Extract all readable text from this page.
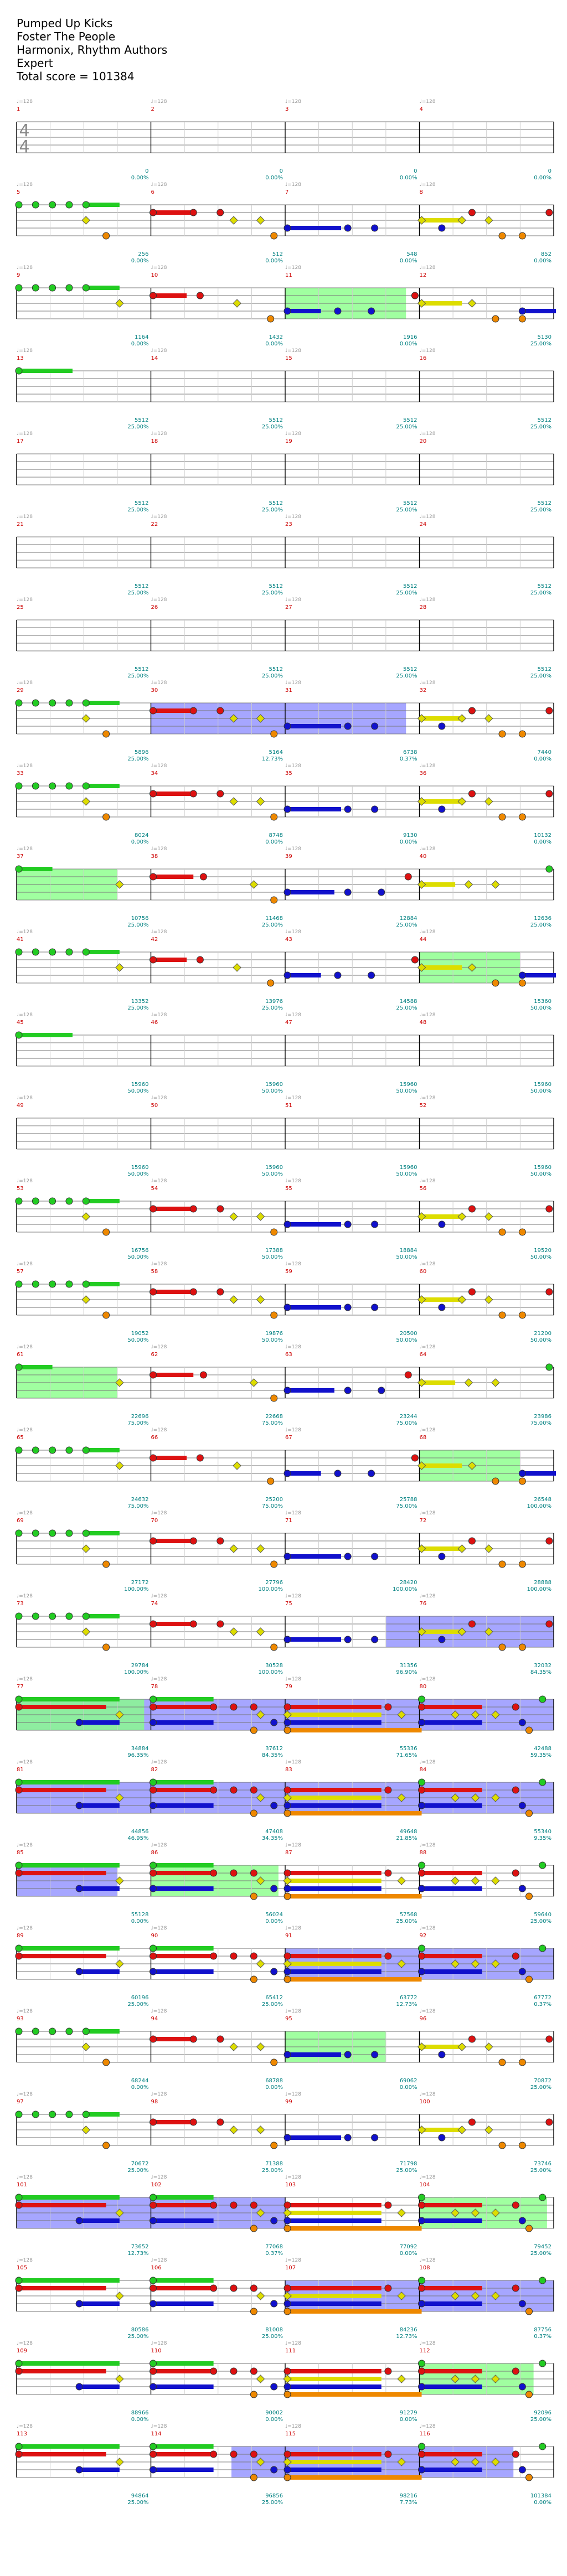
Pumped Up Kicks
Foster The People
Harmonix, Rhythm Authors
Expert
Total score = 101384
4
4
1
♩=128
0
0.00%
2
♩=128
0
0.00%
3
♩=128
0
0.00%
4
♩=128
0
0.00%
5
♩=128
256
0.00%
6
♩=128
512
0.00%
7
♩=128
548
0.00%
8
♩=128
852
0.00%
9
♩=128
1164
0.00%
10
♩=128
1432
0.00%
11
♩=128
1916
0.00%
12
♩=128
5130
25.00%
13
♩=128
5512
25.00%
14
♩=128
5512
25.00%
15
♩=128
5512
25.00%
16
♩=128
5512
25.00%
17
♩=128
5512
25.00%
18
♩=128
5512
25.00%
19
♩=128
5512
25.00%
20
♩=128
5512
25.00%
21
♩=128
5512
25.00%
22
♩=128
5512
25.00%
23
♩=128
5512
25.00%
24
♩=128
5512
25.00%
25
♩=128
5512
25.00%
26
♩=128
5512
25.00%
27
♩=128
5512
25.00%
28
♩=128
5512
25.00%
29
♩=128
5896
25.00%
30
♩=128
5164
12.73%
31
♩=128
6738
0.37%
32
♩=128
7440
0.00%
33
♩=128
8024
0.00%
34
♩=128
8748
0.00%
35
♩=128
9130
0.00%
36
♩=128
10132
0.00%
37
♩=128
10756
25.00%
38
♩=128
11468
25.00%
39
♩=128
12884
25.00%
40
♩=128
12636
25.00%
41
♩=128
13352
25.00%
42
♩=128
13976
25.00%
43
♩=128
14588
25.00%
44
♩=128
15360
50.00%
45
♩=128
15960
50.00%
46
♩=128
15960
50.00%
47
♩=128
15960
50.00%
48
♩=128
15960
50.00%
49
♩=128
15960
50.00%
50
♩=128
15960
50.00%
51
♩=128
15960
50.00%
52
♩=128
15960
50.00%
53
♩=128
16756
50.00%
54
♩=128
17388
50.00%
55
♩=128
18884
50.00%
56
♩=128
19520
50.00%
57
♩=128
19052
50.00%
58
♩=128
19876
50.00%
59
♩=128
20500
50.00%
60
♩=128
21200
50.00%
61
♩=128
22696
75.00%
62
♩=128
22668
75.00%
63
♩=128
23244
75.00%
64
♩=128
23986
75.00%
65
♩=128
24632
75.00%
66
♩=128
25200
75.00%
67
♩=128
25788
75.00%
68
♩=128
26548
100.00%
69
♩=128
27172
100.00%
70
♩=128
27796
100.00%
71
♩=128
28420
100.00%
72
♩=128
28888
100.00%
73
♩=128
29784
100.00%
74
♩=128
30528
100.00%
75
♩=128
31356
96.90%
76
♩=128
32032
84.35%
77
♩=128
34884
96.35%
78
♩=128
37612
84.35%
79
♩=128
55336
71.65%
80
♩=128
42488
59.35%
81
♩=128
44856
46.95%
82
♩=128
47408
34.35%
83
♩=128
49648
21.85%
84
♩=128
55340
9.35%
85
♩=128
55128
0.00%
86
♩=128
56024
0.00%
87
♩=128
57568
25.00%
88
♩=128
59640
25.00%
89
♩=128
60196
25.00%
90
♩=128
65412
25.00%
91
♩=128
63772
12.73%
92
♩=128
67772
0.37%
93
♩=128
68244
0.00%
94
♩=128
68788
0.00%
95
♩=128
69062
0.00%
96
♩=128
70872
25.00%
97
♩=128
70672
25.00%
98
♩=128
71388
25.00%
99
♩=128
71798
25.00%
100
♩=128
73746
25.00%
101
♩=128
73652
12.73%
102
♩=128
77068
0.37%
103
♩=128
77092
0.00%
104
♩=128
79452
25.00%
105
♩=128
80586
25.00%
106
♩=128
81008
25.00%
107
♩=128
84236
12.73%
108
♩=128
87756
0.37%
109
♩=128
88966
0.00%
110
♩=128
90002
0.00%
111
♩=128
91279
0.00%
112
♩=128
92096
25.00%
113
♩=128
94864
25.00%
114
♩=128
96856
25.00%
115
♩=128
98216
7.73%
116
♩=128
101384
0.00%
